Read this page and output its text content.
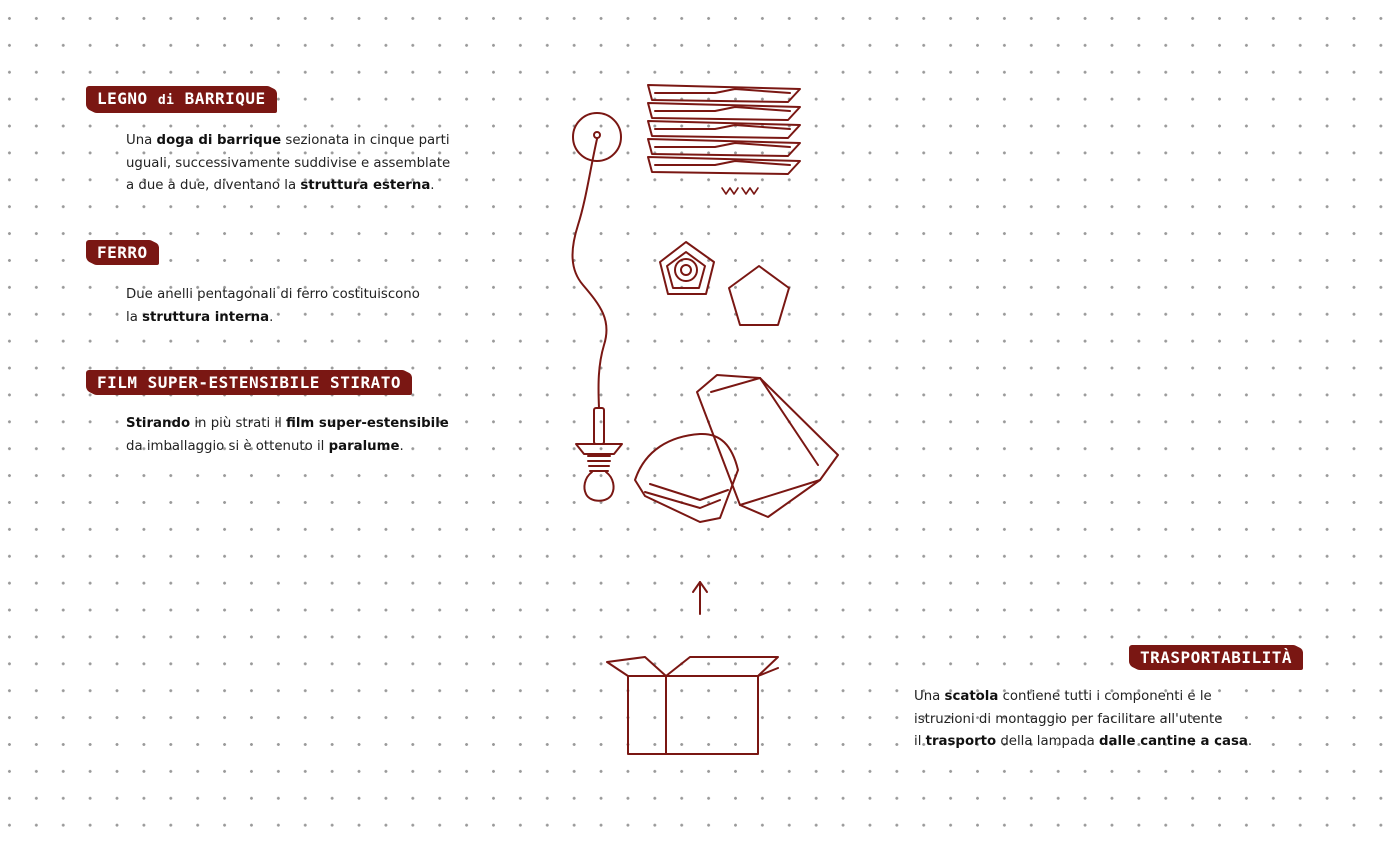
LEGNO di BARRIQUE
Una doga di barrique sezionata in cinque parti
uguali, successivamente suddivise e assemblate
a due a due, diventano la struttura esterna.
FERRO
Due anelli pentagonali di ferro costituiscono
la struttura interna.
FILM SUPER-ESTENSIBILE STIRATO
Stirando in più strati il film super-estensibile
da imballaggio si è ottenuto il paralume.
TRASPORTABILITÀ
Una scatola contiene tutti i componenti e le
istruzioni di montaggio per facilitare all'utente
il trasporto della lampada dalle cantine a casa.
